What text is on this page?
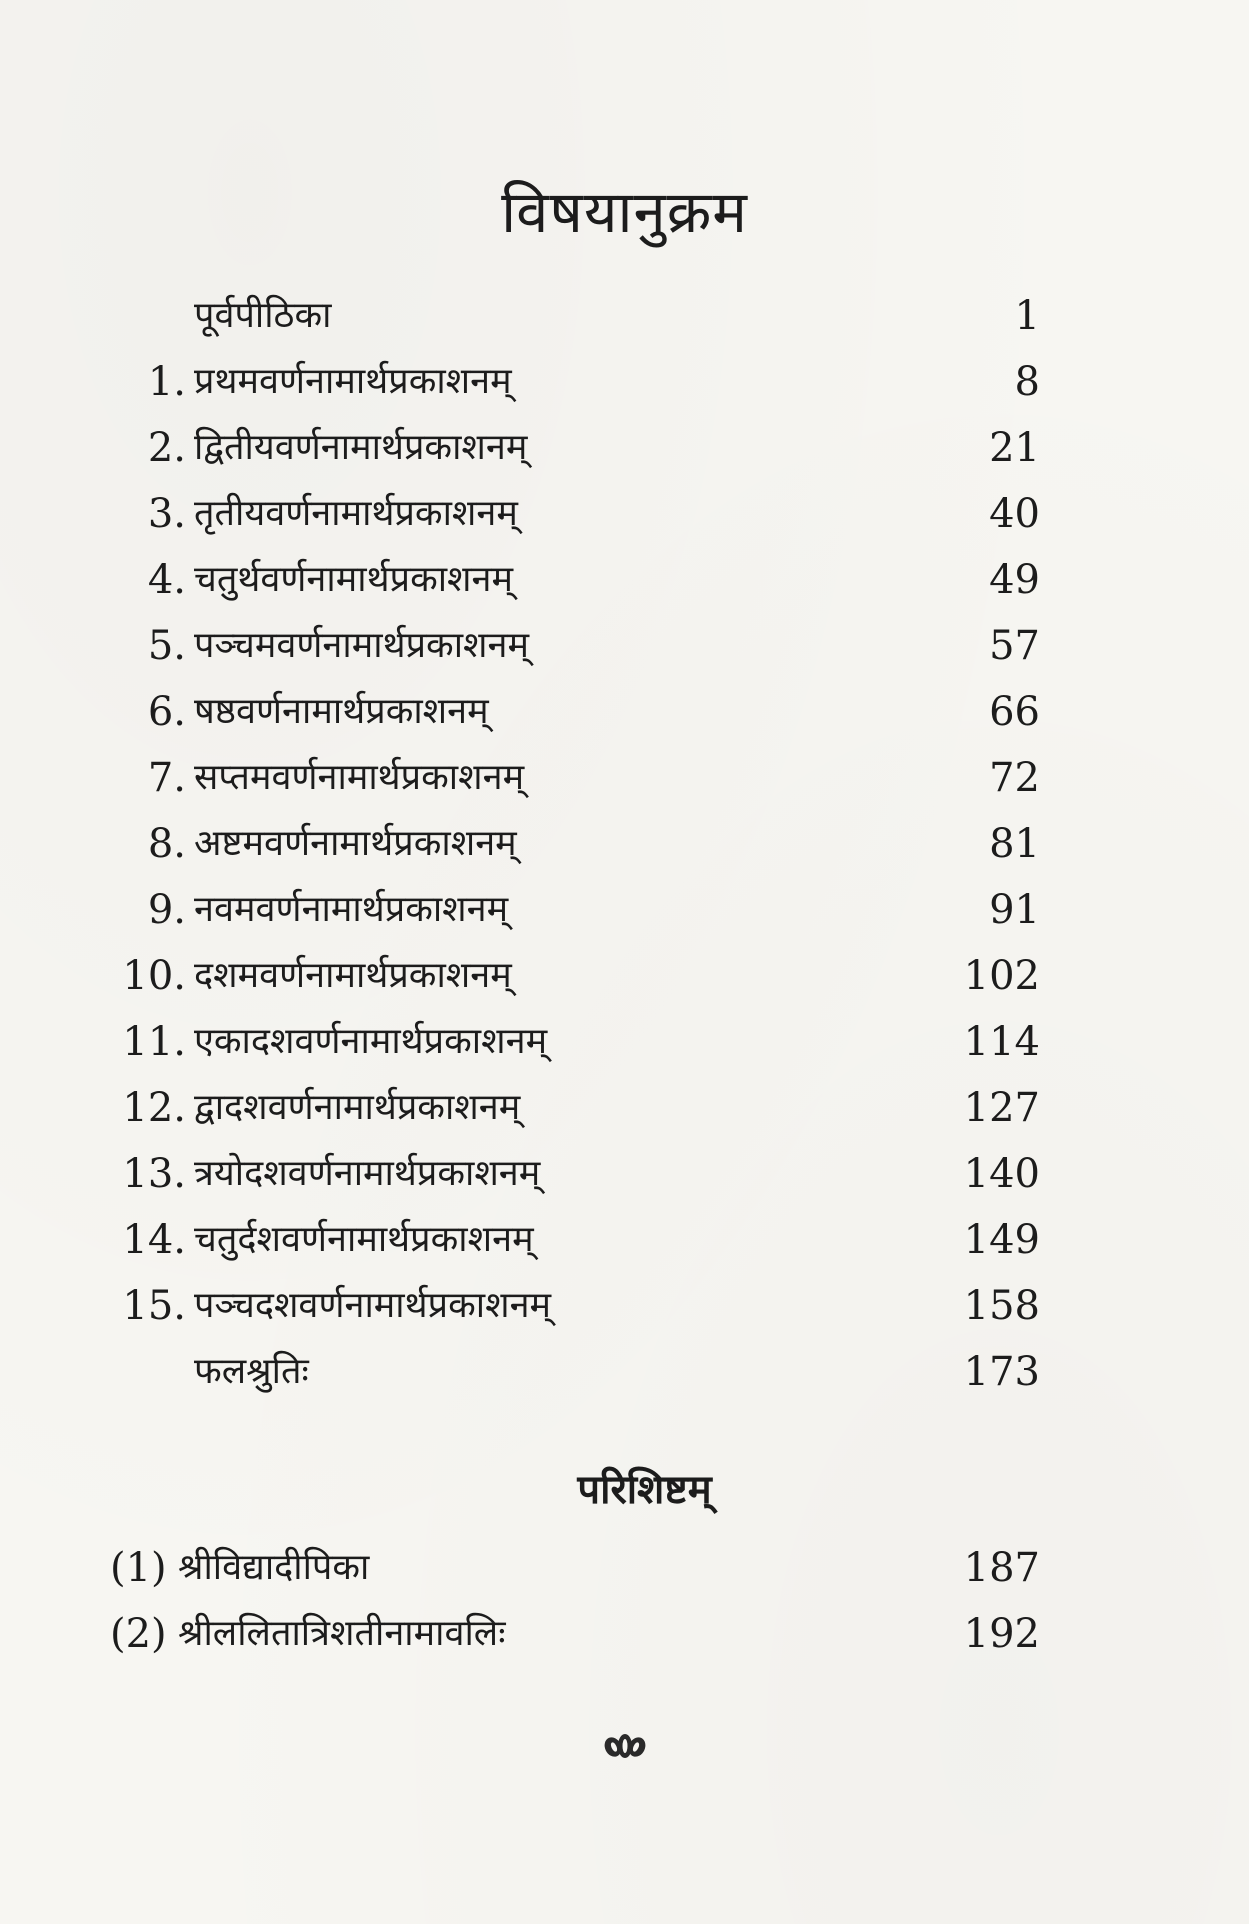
विषयानुक्रम
पूर्वपीठिका	1
1. प्रथमवर्णनामार्थप्रकाशनम्	8
2. द्वितीयवर्णनामार्थप्रकाशनम्	21
3. तृतीयवर्णनामार्थप्रकाशनम्	40
4. चतुर्थवर्णनामार्थप्रकाशनम्	49
5. पञ्चमवर्णनामार्थप्रकाशनम्	57
6. षष्ठवर्णनामार्थप्रकाशनम्	66
7. सप्तमवर्णनामार्थप्रकाशनम्	72
8. अष्टमवर्णनामार्थप्रकाशनम्	81
9. नवमवर्णनामार्थप्रकाशनम्	91
10. दशमवर्णनामार्थप्रकाशनम्	102
11. एकादशवर्णनामार्थप्रकाशनम्	114
12. द्वादशवर्णनामार्थप्रकाशनम्	127
13. त्रयोदशवर्णनामार्थप्रकाशनम्	140
14. चतुर्दशवर्णनामार्थप्रकाशनम्	149
15. पञ्चदशवर्णनामार्थप्रकाशनम्	158
फलश्रुतिः	173
परिशिष्टम्
(1) श्रीविद्यादीपिका	187
(2) श्रीललितात्रिशतीनामावलिः	192
